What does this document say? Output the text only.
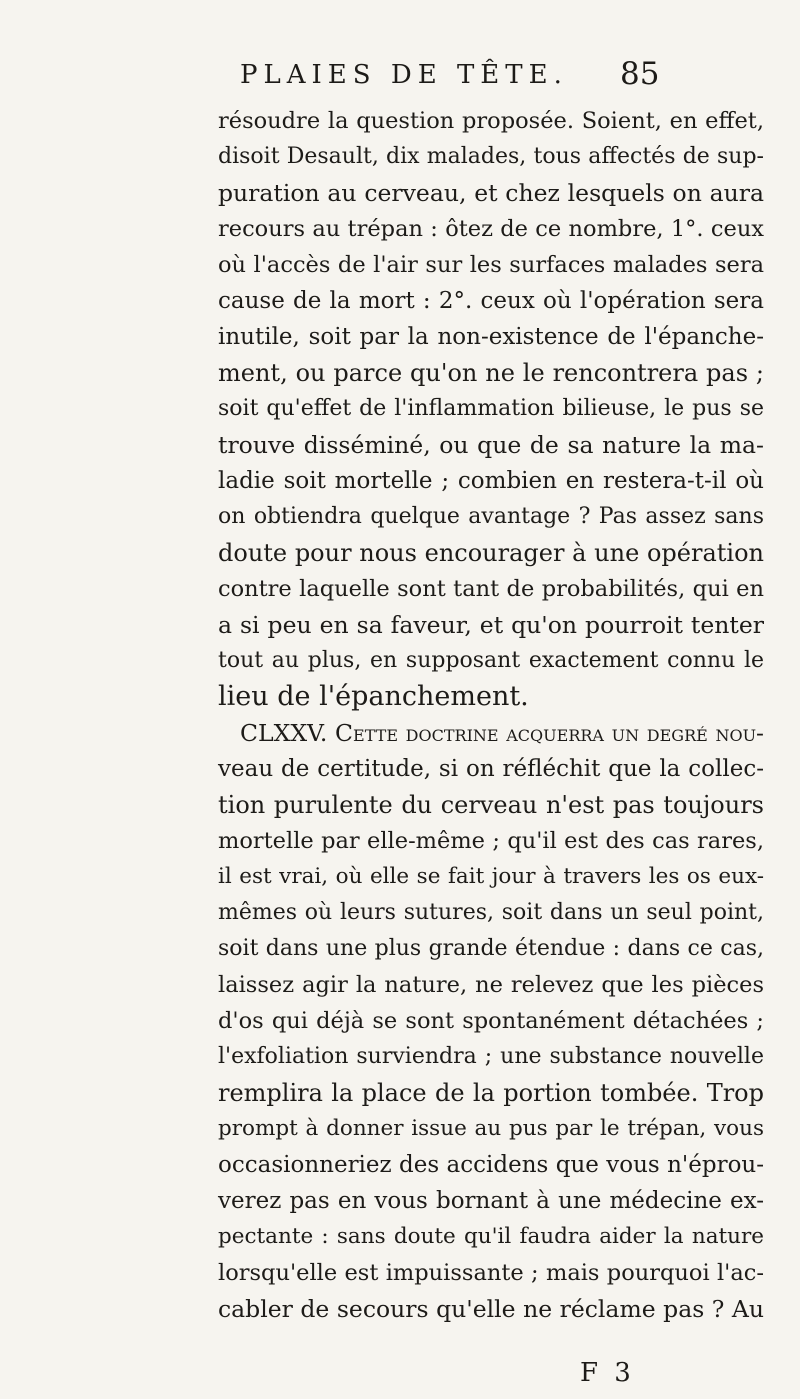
PLAIES DE TÊTE. 85
résoudre la question proposée. Soient, en effet,
disoit Desault, dix malades, tous affectés de sup-
puration au cerveau, et chez lesquels on aura
recours au trépan : ôtez de ce nombre, 1°. ceux
où l'accès de l'air sur les surfaces malades sera
cause de la mort : 2°. ceux où l'opération sera
inutile, soit par la non-existence de l'épanche-
ment, ou parce qu'on ne le rencontrera pas ;
soit qu'effet de l'inflammation bilieuse, le pus se
trouve disséminé, ou que de sa nature la ma-
ladie soit mortelle ; combien en restera-t-il où
on obtiendra quelque avantage ? Pas assez sans
doute pour nous encourager à une opération
contre laquelle sont tant de probabilités, qui en
a si peu en sa faveur, et qu'on pourroit tenter
tout au plus, en supposant exactement connu le
lieu de l'épanchement.
CLXXV. Cette doctrine acquerra un degré nou-
veau de certitude, si on réfléchit que la collec-
tion purulente du cerveau n'est pas toujours
mortelle par elle-même ; qu'il est des cas rares,
il est vrai, où elle se fait jour à travers les os eux-
mêmes où leurs sutures, soit dans un seul point,
soit dans une plus grande étendue : dans ce cas,
laissez agir la nature, ne relevez que les pièces
d'os qui déjà se sont spontanément détachées ;
l'exfoliation surviendra ; une substance nouvelle
remplira la place de la portion tombée. Trop
prompt à donner issue au pus par le trépan, vous
occasionneriez des accidens que vous n'éprou-
verez pas en vous bornant à une médecine ex-
pectante : sans doute qu'il faudra aider la nature
lorsqu'elle est impuissante ; mais pourquoi l'ac-
cabler de secours qu'elle ne réclame pas ? Au
F 3
